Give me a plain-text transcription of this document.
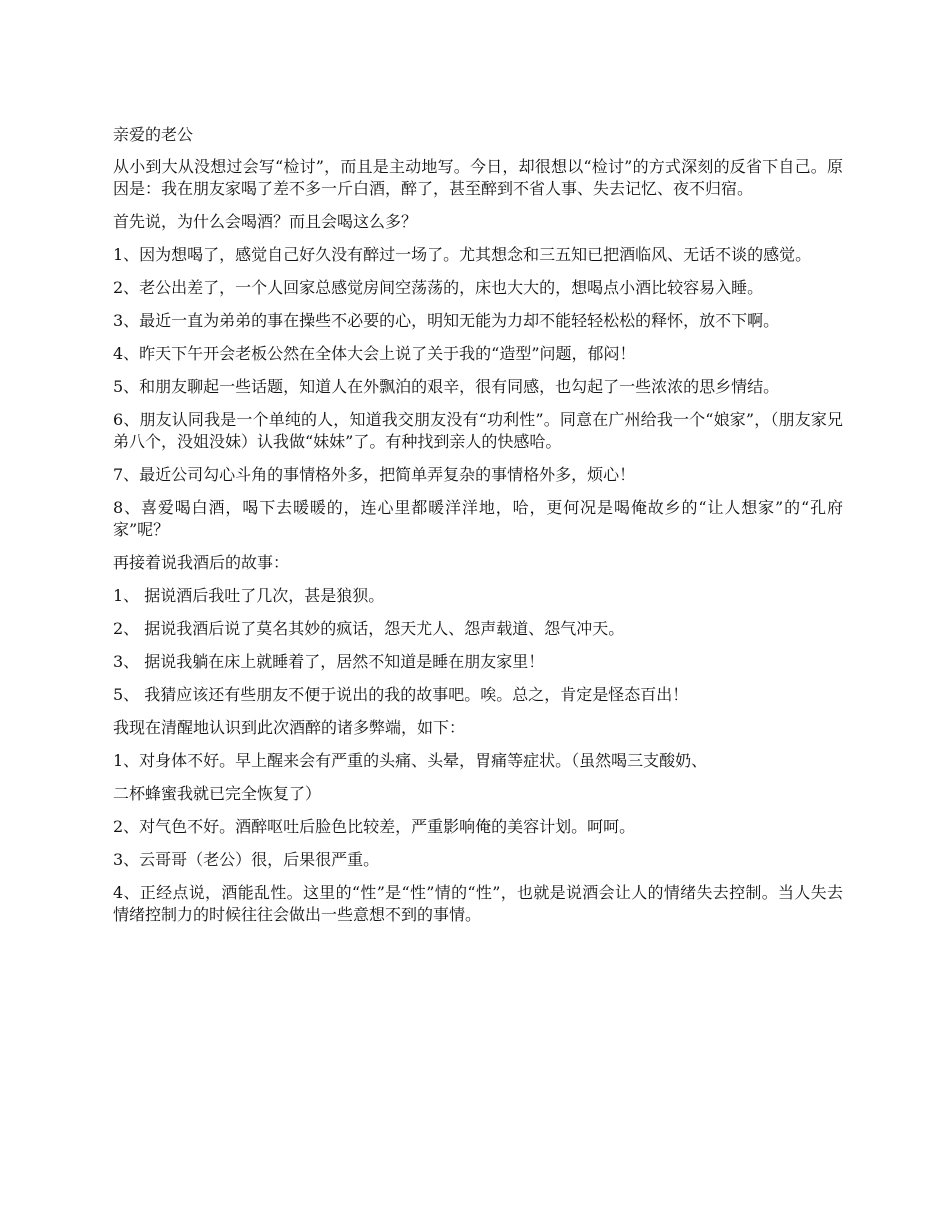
亲爱的老公

从小到大从没想过会写“检讨”，而且是主动地写。今日，却很想以“检讨”的方式深刻的反省下自己。原因是：我在朋友家喝了差不多一斤白酒，醉了，甚至醉到不省人事、失去记忆、夜不归宿。

首先说，为什么会喝酒？而且会喝这么多？

1、因为想喝了，感觉自己好久没有醉过一场了。尤其想念和三五知已把酒临风、无话不谈的感觉。

2、老公出差了，一个人回家总感觉房间空荡荡的，床也大大的，想喝点小酒比较容易入睡。

3、最近一直为弟弟的事在操些不必要的心，明知无能为力却不能轻轻松松的释怀，放不下啊。

4、昨天下午开会老板公然在全体大会上说了关于我的“造型”问题，郁闷！

5、和朋友聊起一些话题，知道人在外飘泊的艰辛，很有同感，也勾起了一些浓浓的思乡情结。

6、朋友认同我是一个单纯的人，知道我交朋友没有“功利性”。同意在广州给我一个“娘家”，（朋友家兄弟八个，没姐没妹）认我做“妹妹”了。有种找到亲人的快感哈。

7、最近公司勾心斗角的事情格外多，把简单弄复杂的事情格外多，烦心！

8、喜爱喝白酒，喝下去暖暖的，连心里都暖洋洋地，哈，更何况是喝俺故乡的“让人想家”的“孔府家”呢？

再接着说我酒后的故事：

1、 据说酒后我吐了几次，甚是狼狈。

2、 据说我酒后说了莫名其妙的疯话，怨天尤人、怨声载道、怨气冲天。

3、 据说我躺在床上就睡着了，居然不知道是睡在朋友家里！

5、 我猜应该还有些朋友不便于说出的我的故事吧。唉。总之，肯定是怪态百出！

我现在清醒地认识到此次酒醉的诸多弊端，如下：

1、对身体不好。早上醒来会有严重的头痛、头晕，胃痛等症状。（虽然喝三支酸奶、

二杯蜂蜜我就已完全恢复了）

2、对气色不好。酒醉呕吐后脸色比较差，严重影响俺的美容计划。呵呵。

3、云哥哥（老公）很，后果很严重。

4、正经点说，酒能乱性。这里的“性”是“性”情的“性”，也就是说酒会让人的情绪失去控制。当人失去情绪控制力的时候往往会做出一些意想不到的事情。
